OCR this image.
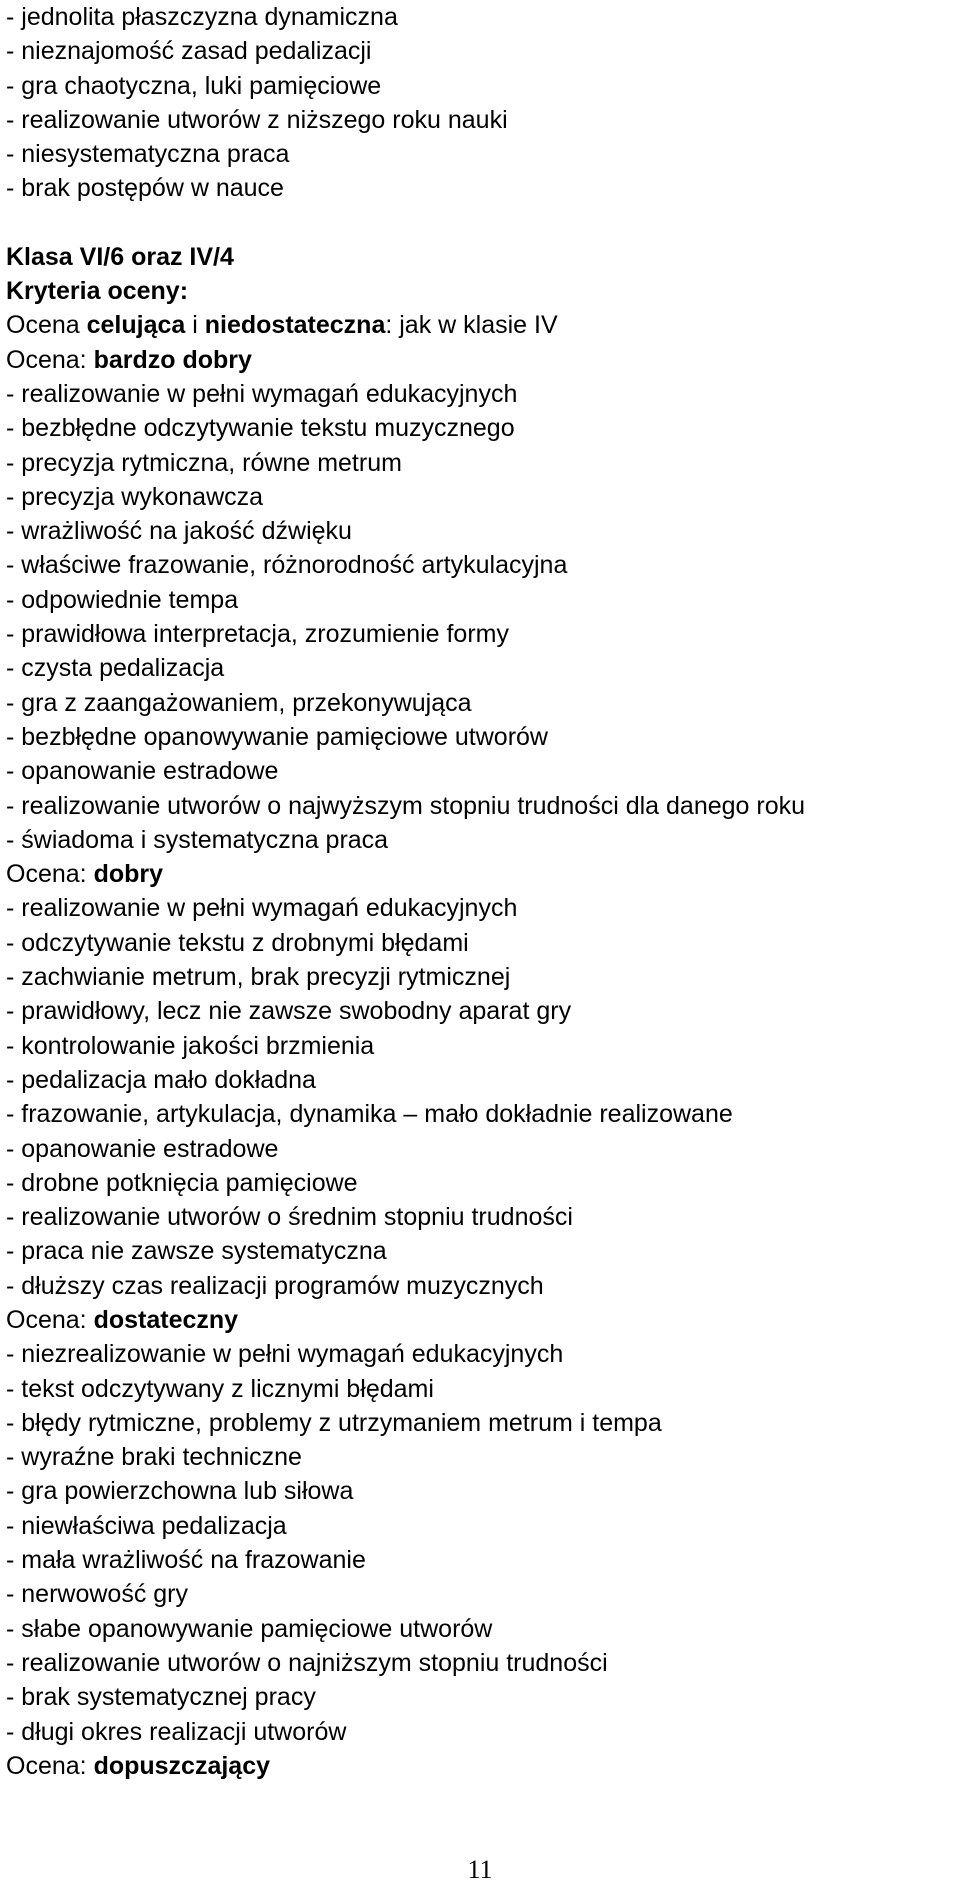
- jednolita płaszczyzna dynamiczna
- nieznajomość zasad pedalizacji
- gra chaotyczna, luki pamięciowe
- realizowanie utworów z niższego roku nauki
- niesystematyczna praca
- brak postępów w nauce
Klasa VI/6 oraz IV/4
Kryteria oceny:
Ocena celująca i niedostateczna: jak w klasie IV
Ocena: bardzo dobry
- realizowanie w pełni wymagań edukacyjnych
- bezbłędne odczytywanie tekstu muzycznego
- precyzja rytmiczna, równe metrum
- precyzja wykonawcza
- wrażliwość na jakość dźwięku
- właściwe frazowanie, różnorodność artykulacyjna
- odpowiednie tempa
- prawidłowa interpretacja, zrozumienie formy
- czysta pedalizacja
- gra z zaangażowaniem, przekonywująca
- bezbłędne opanowywanie pamięciowe utworów
- opanowanie estradowe
- realizowanie utworów o najwyższym stopniu trudności dla danego roku
- świadoma i systematyczna praca
Ocena: dobry
- realizowanie w pełni wymagań edukacyjnych
- odczytywanie tekstu z drobnymi błędami
- zachwianie metrum, brak precyzji rytmicznej
- prawidłowy, lecz nie zawsze swobodny aparat gry
- kontrolowanie jakości brzmienia
- pedalizacja mało dokładna
- frazowanie, artykulacja, dynamika – mało dokładnie realizowane
- opanowanie estradowe
- drobne potknięcia pamięciowe
- realizowanie utworów o średnim stopniu trudności
- praca nie zawsze systematyczna
- dłuższy czas realizacji programów muzycznych
Ocena: dostateczny
- niezrealizowanie w pełni wymagań edukacyjnych
- tekst odczytywany z licznymi błędami
- błędy rytmiczne, problemy z utrzymaniem metrum i tempa
- wyraźne braki techniczne
- gra powierzchowna lub siłowa
- niewłaściwa pedalizacja
- mała wrażliwość na frazowanie
- nerwowość gry
- słabe opanowywanie pamięciowe utworów
- realizowanie utworów o najniższym stopniu trudności
- brak systematycznej pracy
- długi okres realizacji utworów
Ocena: dopuszczający
11
